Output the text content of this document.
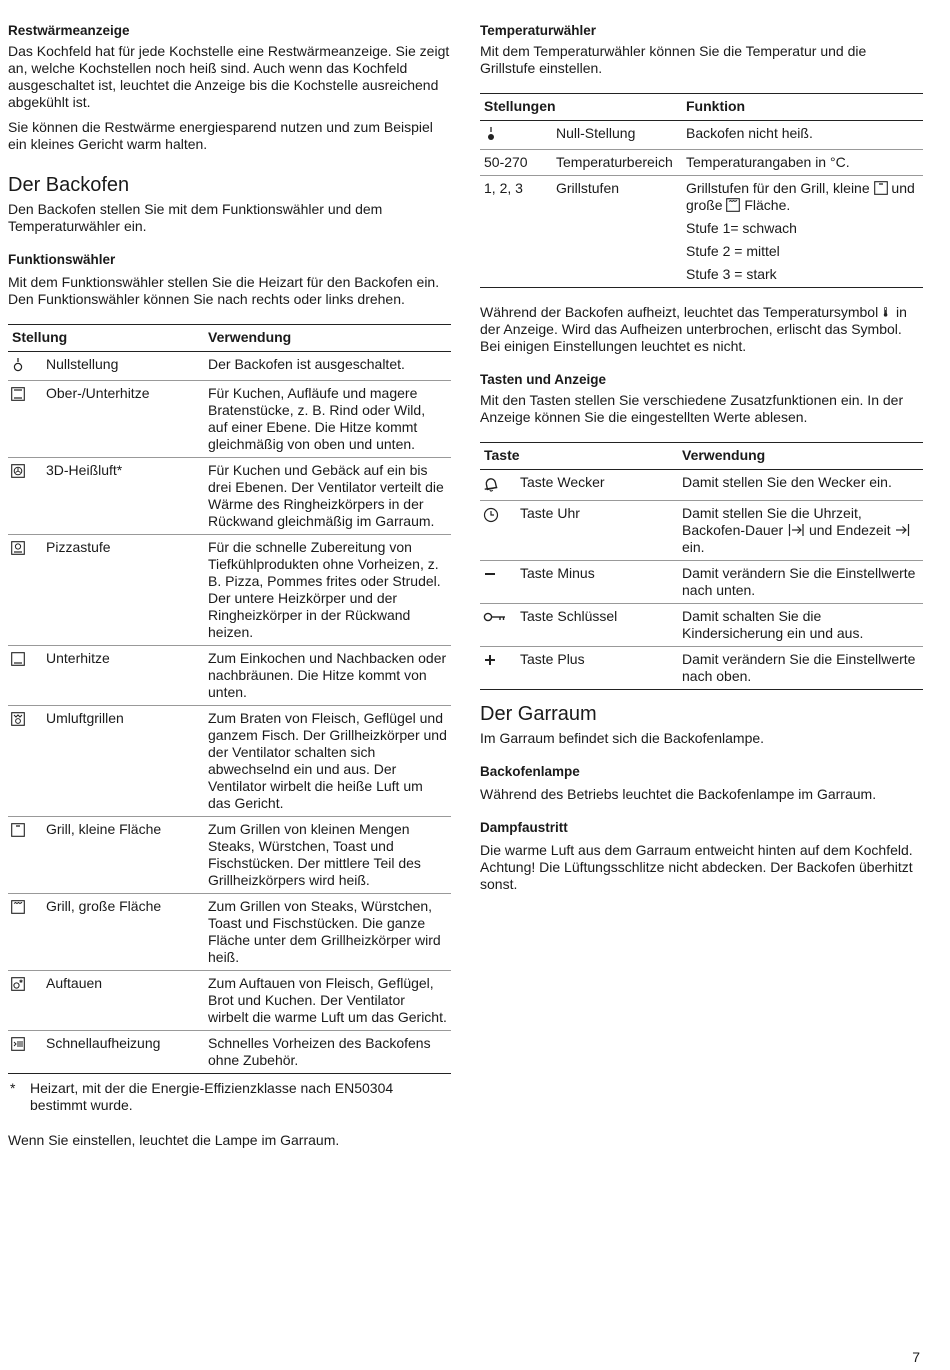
Restwärmeanzeige

Das Kochfeld hat für jede Kochstelle eine Restwärmeanzeige. Sie zeigt an, welche Kochstellen noch heiß sind. Auch wenn das Kochfeld ausgeschaltet ist, leuchtet die Anzeige bis die Kochstelle ausreichend abgekühlt ist.

Sie können die Restwärme energiesparend nutzen und zum Beispiel ein kleines Gericht warm halten.

Der Backofen

Den Backofen stellen Sie mit dem Funktionswähler und dem Temperaturwähler ein.

Funktionswähler

Mit dem Funktionswähler stellen Sie die Heizart für den Backofen ein.

Den Funktionswähler können Sie nach rechts oder links drehen.

Stellung		Verwendung
	Nullstellung	Der Backofen ist ausgeschaltet.
	Ober-/Unterhitze	Für Kuchen, Aufläufe und magere Bratenstücke, z. B. Rind oder Wild, auf einer Ebene. Die Hitze kommt gleichmäßig von oben und unten.
	3D-Heißluft*	Für Kuchen und Gebäck auf ein bis drei Ebenen. Der Ventilator verteilt die Wärme des Ringheizkörpers in der Rückwand gleichmäßig im Garraum.
	Pizzastufe	Für die schnelle Zubereitung von Tiefkühlprodukten ohne Vorheizen, z. B. Pizza, Pommes frites oder Strudel. Der untere Heizkörper und der Ringheizkörper in der Rückwand heizen.
	Unterhitze	Zum Einkochen und Nachbacken oder nachbräunen. Die Hitze kommt von unten.
	Umluftgrillen	Zum Braten von Fleisch, Geflügel und ganzem Fisch. Der Grillheizkörper und der Ventilator schalten sich abwechselnd ein und aus. Der Ventilator wirbelt die heiße Luft um das Gericht.
	Grill, kleine Fläche	Zum Grillen von kleinen Mengen Steaks, Würstchen, Toast und Fischstücken. Der mittlere Teil des Grillheizkörpers wird heiß.
	Grill, große Fläche	Zum Grillen von Steaks, Würstchen, Toast und Fischstücken. Die ganze Fläche unter dem Grillheizkörper wird heiß.
	Auftauen	Zum Auftauen von Fleisch, Geflügel, Brot und Kuchen. Der Ventilator wirbelt die warme Luft um das Gericht.
	Schnellaufheizung	Schnelles Vorheizen des Backofens ohne Zubehör.
*	Heizart, mit der die Energie-Effizienzklasse nach EN50304 bestimmt wurde.

Wenn Sie einstellen, leuchtet die Lampe im Garraum.

Temperaturwähler

Mit dem Temperaturwähler können Sie die Temperatur und die Grillstufe einstellen.

Stellungen		Funktion
	Null-Stellung	Backofen nicht heiß.
50-270	Temperaturbereich	Temperaturangaben in °C.
1, 2, 3	Grillstufen	Grillstufen für den Grill, kleine und große Fläche.
Stufe 1= schwach
Stufe 2 = mittel
Stufe 3 = stark

Während der Backofen aufheizt, leuchtet das Temperatursymbol in der Anzeige. Wird das Aufheizen unterbrochen, erlischt das Symbol. Bei einigen Einstellungen leuchtet es nicht.

Tasten und Anzeige

Mit den Tasten stellen Sie verschiedene Zusatzfunktionen ein. In der Anzeige können Sie die eingestellten Werte ablesen.

Taste		Verwendung
	Taste Wecker	Damit stellen Sie den Wecker ein.
	Taste Uhr	Damit stellen Sie die Uhrzeit, Backofen-Dauer und Endezeit  ein.
	Taste Minus	Damit verändern Sie die Einstellwerte nach unten.
	Taste Schlüssel	Damit schalten Sie die Kindersicherung ein und aus.
	Taste Plus	Damit verändern Sie die Einstellwerte nach oben.
Der Garraum

Im Garraum befindet sich die Backofenlampe.

Backofenlampe

Während des Betriebs leuchtet die Backofenlampe im Garraum.

Dampfaustritt

Die warme Luft aus dem Garraum entweicht hinten auf dem Kochfeld. Achtung! Die Lüftungsschlitze nicht abdecken. Der Backofen überhitzt sonst.

7
